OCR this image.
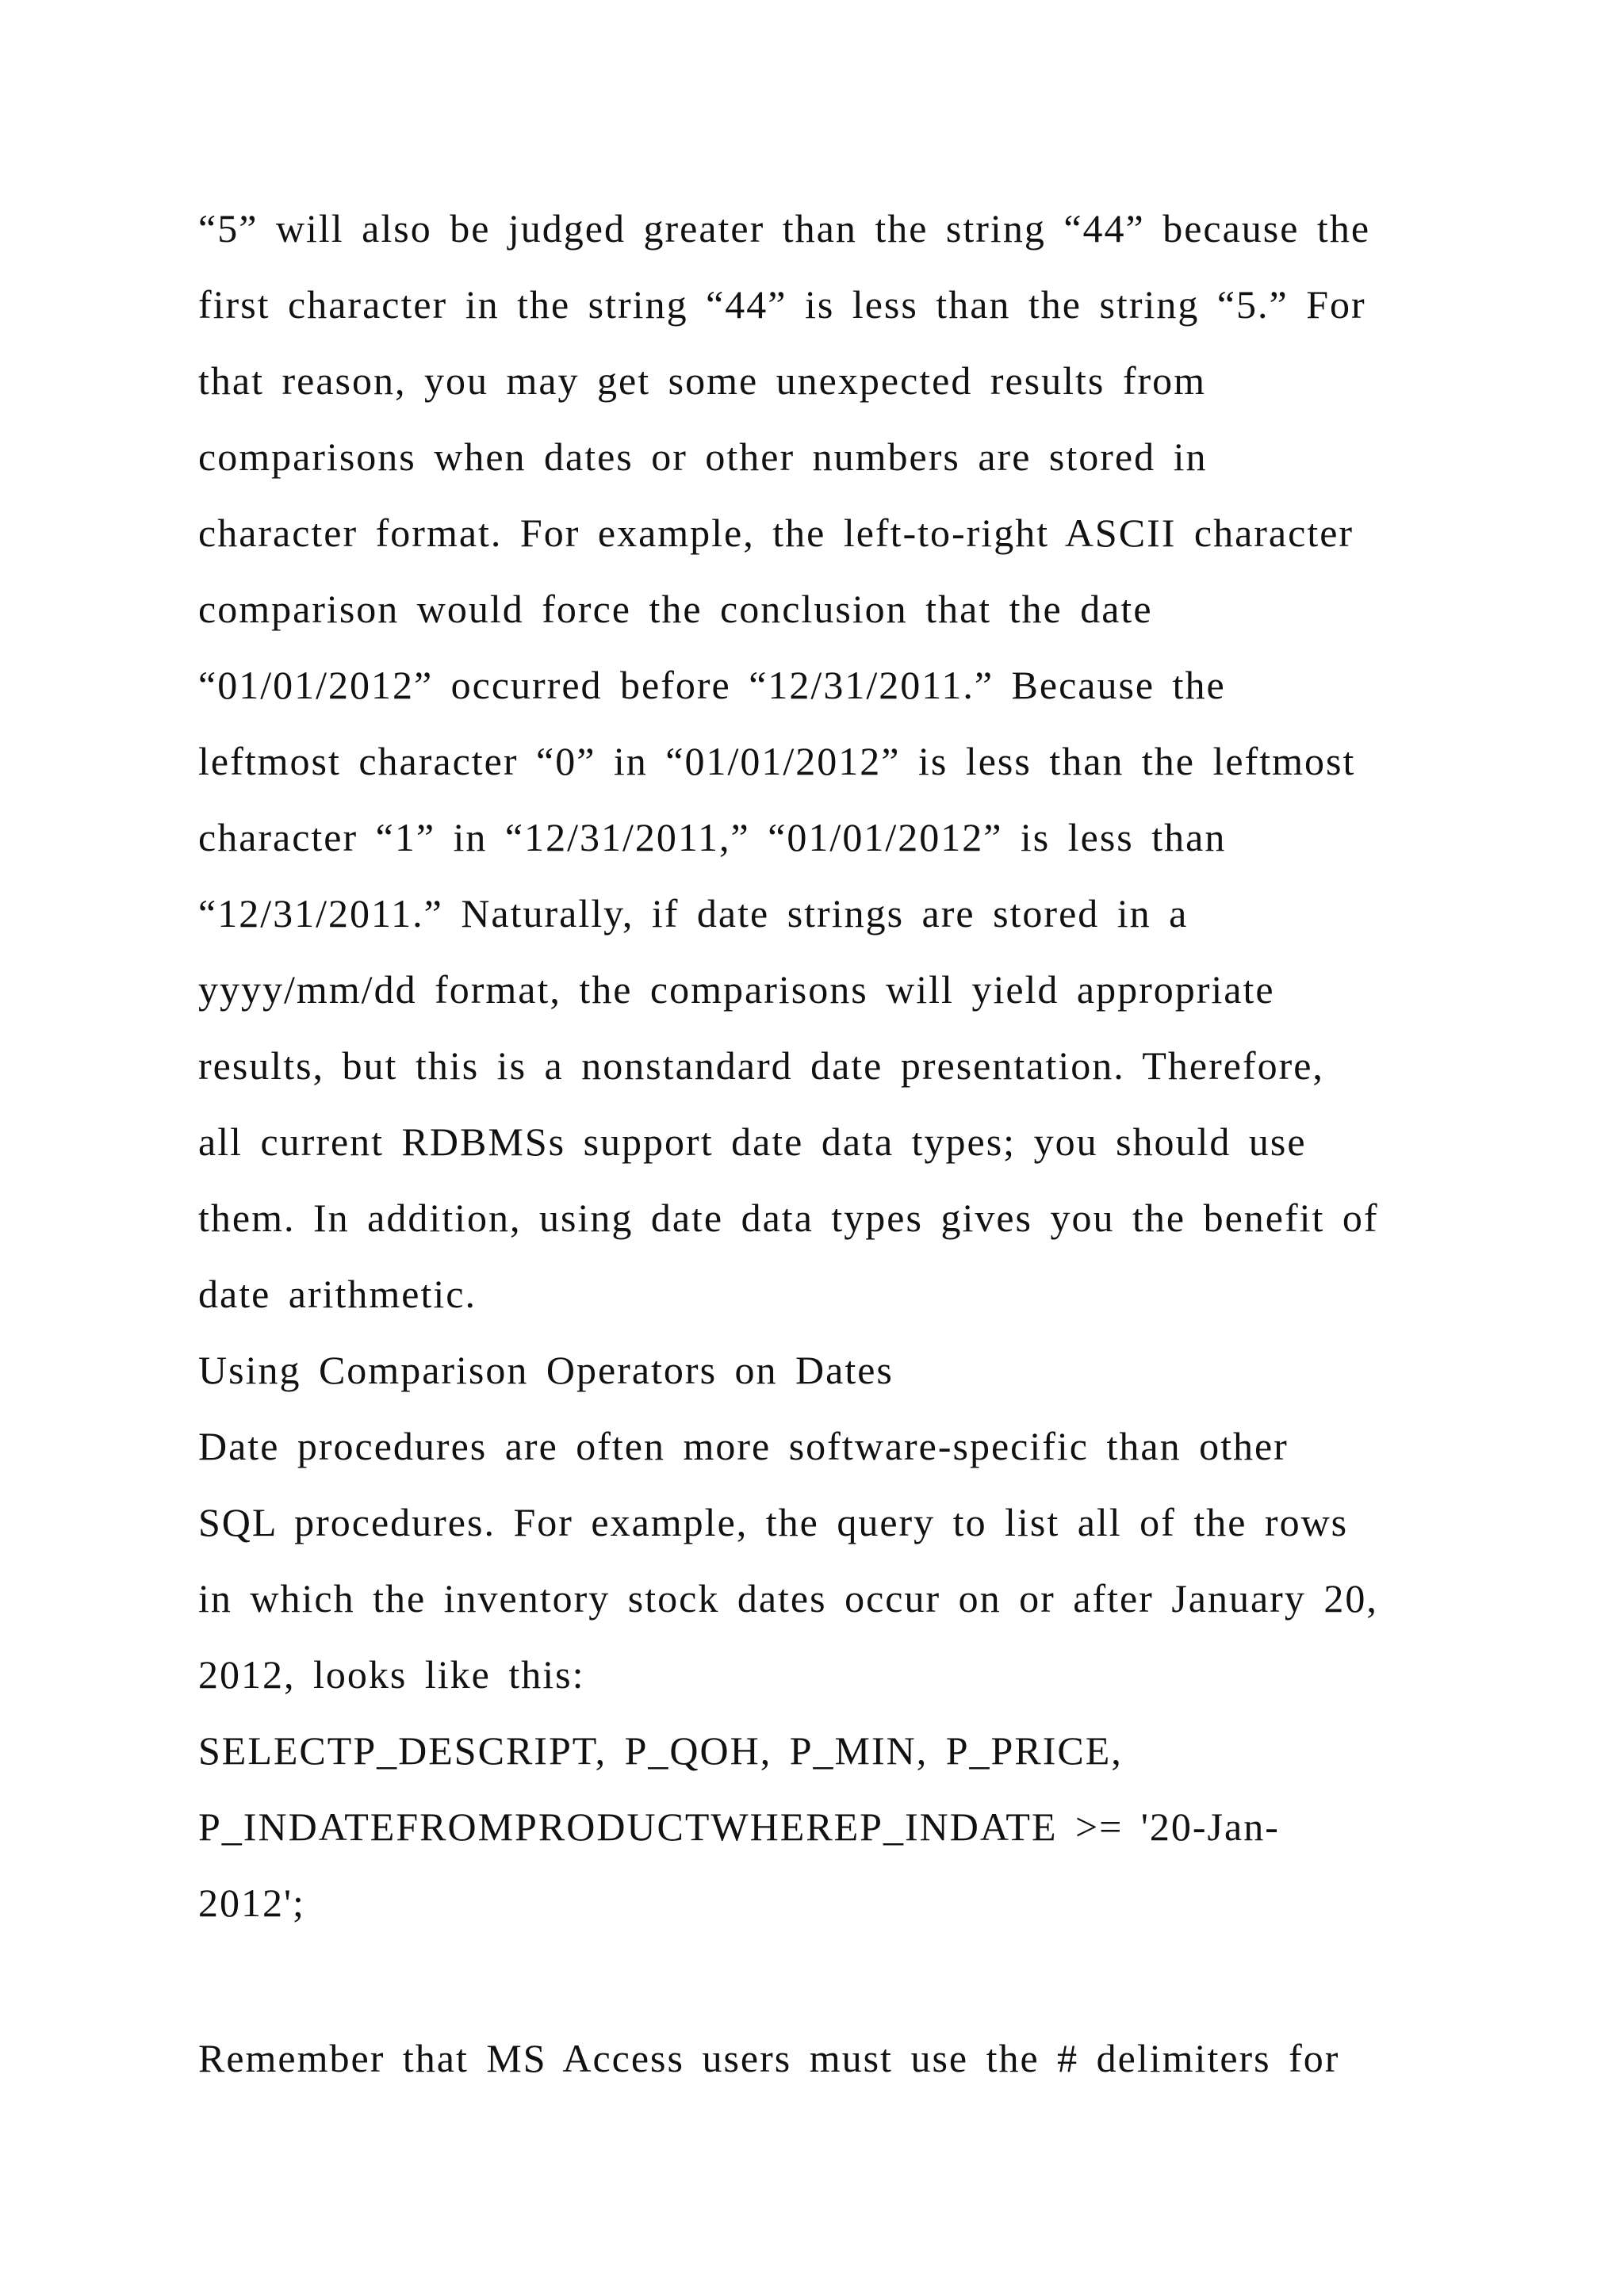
“5” will also be judged greater than the string “44” because the
first character in the string “44” is less than the string “5.” For
that reason, you may get some unexpected results from
comparisons when dates or other numbers are stored in
character format. For example, the left-to-right ASCII character
comparison would force the conclusion that the date
“01/01/2012” occurred before “12/31/2011.” Because the
leftmost character “0” in “01/01/2012” is less than the leftmost
character “1” in “12/31/2011,” “01/01/2012” is less than
“12/31/2011.” Naturally, if date strings are stored in a
yyyy/mm/dd format, the comparisons will yield appropriate
results, but this is a nonstandard date presentation. Therefore,
all current RDBMSs support date data types; you should use
them. In addition, using date data types gives you the benefit of
date arithmetic.
Using Comparison Operators on Dates
Date procedures are often more software-specific than other
SQL procedures. For example, the query to list all of the rows
in which the inventory stock dates occur on or after January 20,
2012, looks like this:
SELECTP_DESCRIPT, P_QOH, P_MIN, P_PRICE,
P_INDATEFROMPRODUCTWHEREP_INDATE >= '20-Jan-
2012';
Remember that MS Access users must use the # delimiters for
